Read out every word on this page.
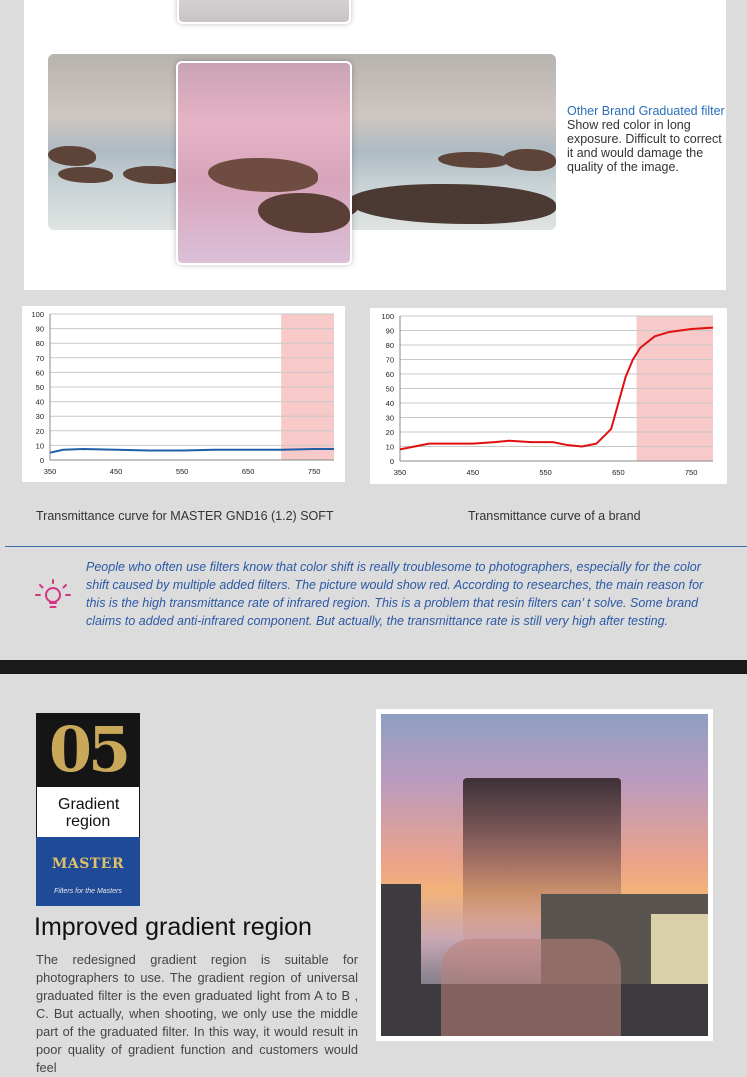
Other Brand Graduated filter
Show red color in long exposure. Difficult to correct it and would damage the quality of the image.
0
10
20
30
40
50
60
70
80
90
100
350	450	550	650	750
0
10
20
30
40
50
60
70
80
90
100
350	450	550	650	750
Transmittance curve for MASTER GND16 (1.2) SOFT	Transmittance curve of a brand
People who often use filters know that color shift is really troublesome to photographers, especially for the color shift caused by multiple added filters. The picture would show red. According to researches, the main reason for this is the high transmittance rate of infrared region. This is a problem that resin filters can’ t solve. Some brand claims to added anti-infrared component. But actually, the transmittance rate is still very high after testing.
05
Gradient region
MASTER
Filters for the Masters
Improved gradient region
The redesigned gradient region is suitable for photographers to use. The gradient region of universal graduated filter is the even graduated light from A to B , C. But actually, when shooting, we only use the middle part of the graduated filter. In this way, it would result in poor quality of gradient function and customers would feel
